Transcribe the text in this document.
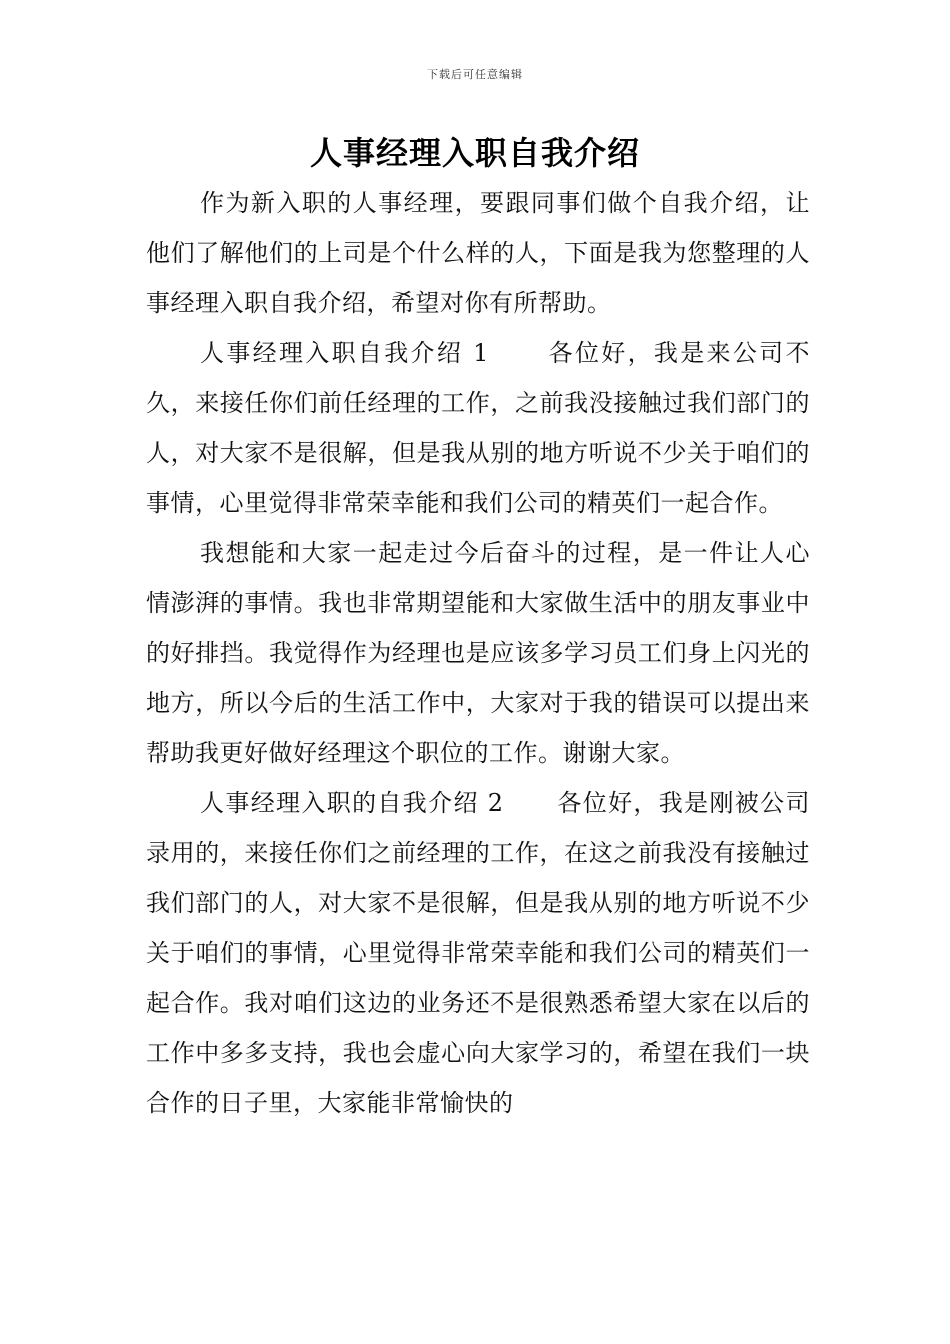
下载后可任意编辑
人事经理入职自我介绍

作为新入职的人事经理，要跟同事们做个自我介绍，让他们了解他们的上司是个什么样的人，下面是我为您整理的人事经理入职自我介绍，希望对你有所帮助。

人事经理入职自我介绍 1 各位好，我是来公司不久，来接任你们前任经理的工作，之前我没接触过我们部门的人，对大家不是很解，但是我从别的地方听说不少关于咱们的事情，心里觉得非常荣幸能和我们公司的精英们一起合作。

我想能和大家一起走过今后奋斗的过程，是一件让人心情澎湃的事情。我也非常期望能和大家做生活中的朋友事业中的好排挡。我觉得作为经理也是应该多学习员工们身上闪光的地方，所以今后的生活工作中，大家对于我的错误可以提出来帮助我更好做好经理这个职位的工作。谢谢大家。

人事经理入职的自我介绍 2 各位好，我是刚被公司录用的，来接任你们之前经理的工作，在这之前我没有接触过我们部门的人，对大家不是很解，但是我从别的地方听说不少关于咱们的事情，心里觉得非常荣幸能和我们公司的精英们一起合作。我对咱们这边的业务还不是很熟悉希望大家在以后的工作中多多支持，我也会虚心向大家学习的，希望在我们一块合作的日子里，大家能非常愉快的
